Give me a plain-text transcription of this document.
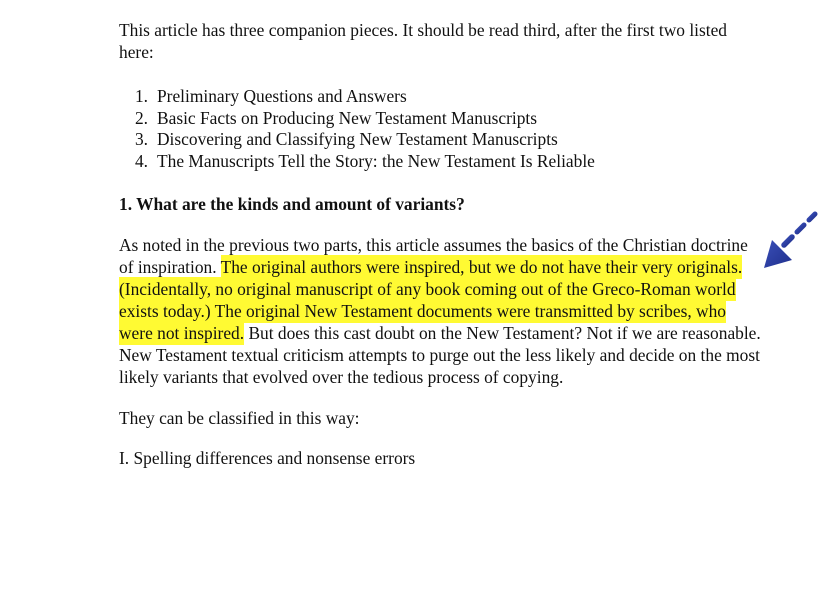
This article has three companion pieces. It should be read third, after the first two listed here:

1. Preliminary Questions and Answers
2. Basic Facts on Producing New Testament Manuscripts
3. Discovering and Classifying New Testament Manuscripts
4. The Manuscripts Tell the Story: the New Testament Is Reliable

1. What are the kinds and amount of variants?

As noted in the previous two parts, this article assumes the basics of the Christian doctrine of inspiration. The original authors were inspired, but we do not have their very originals. (Incidentally, no original manuscript of any book coming out of the Greco-Roman world exists today.) The original New Testament documents were transmitted by scribes, who were not inspired. But does this cast doubt on the New Testament? Not if we are reasonable. New Testament textual criticism attempts to purge out the less likely and decide on the most likely variants that evolved over the tedious process of copying.

They can be classified in this way:

I. Spelling differences and nonsense errors
